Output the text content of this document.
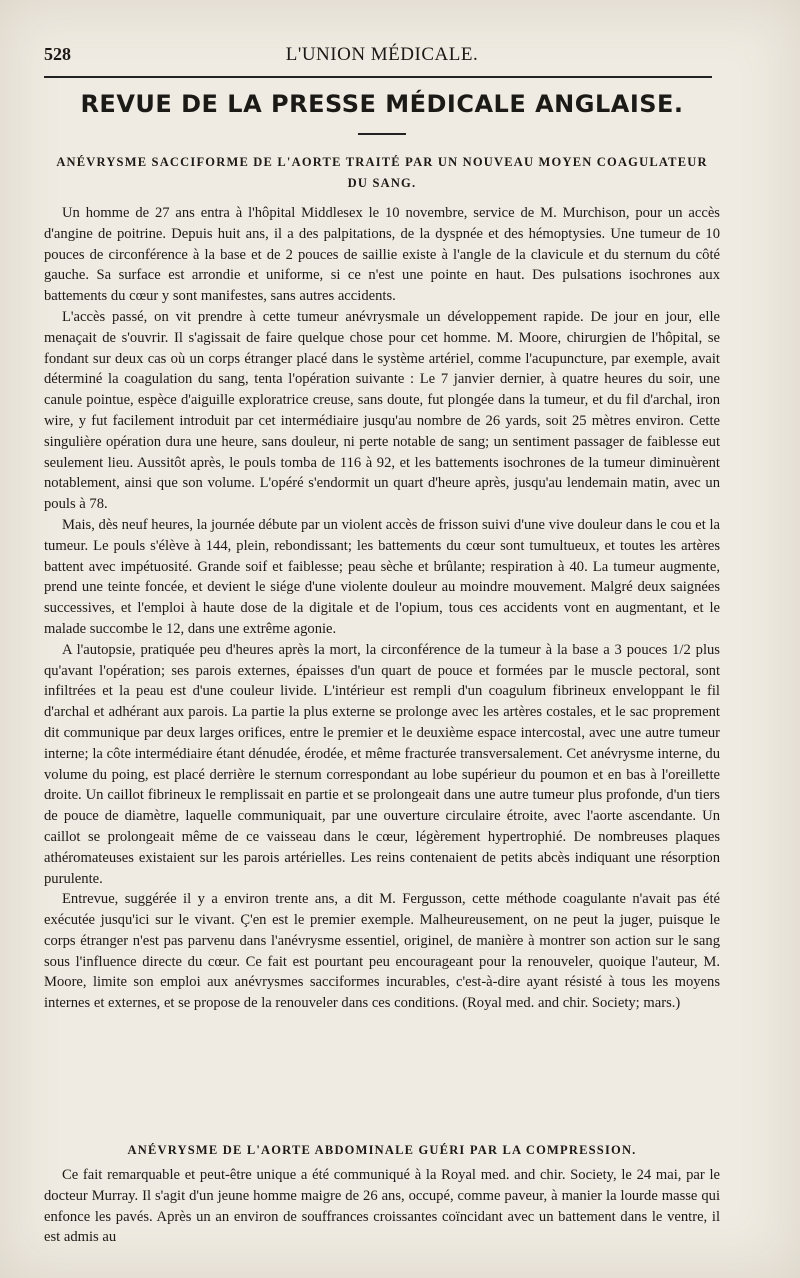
528	L'UNION MÉDICALE.
REVUE DE LA PRESSE MÉDICALE ANGLAISE.
ANÉVRYSME SACCIFORME DE L'AORTE TRAITÉ PAR UN NOUVEAU MOYEN COAGULATEUR
DU SANG.

Un homme de 27 ans entra à l'hôpital Middlesex le 10 novembre, service de M. Murchison, pour un accès d'angine de poitrine. Depuis huit ans, il a des palpitations, de la dyspnée et des hémoptysies. Une tumeur de 10 pouces de circonférence à la base et de 2 pouces de saillie existe à l'angle de la clavicule et du sternum du côté gauche. Sa surface est arrondie et uniforme, si ce n'est une pointe en haut. Des pulsations isochrones aux battements du cœur y sont manifestes, sans autres accidents.

L'accès passé, on vit prendre à cette tumeur anévrysmale un développement rapide. De jour en jour, elle menaçait de s'ouvrir. Il s'agissait de faire quelque chose pour cet homme. M. Moore, chirurgien de l'hôpital, se fondant sur deux cas où un corps étranger placé dans le système artériel, comme l'acupuncture, par exemple, avait déterminé la coagulation du sang, tenta l'opération suivante : Le 7 janvier dernier, à quatre heures du soir, une canule pointue, espèce d'aiguille exploratrice creuse, sans doute, fut plongée dans la tumeur, et du fil d'archal, iron wire, y fut facilement introduit par cet intermédiaire jusqu'au nombre de 26 yards, soit 25 mètres environ. Cette singulière opération dura une heure, sans douleur, ni perte notable de sang; un sentiment passager de faiblesse eut seulement lieu. Aussitôt après, le pouls tomba de 116 à 92, et les battements isochrones de la tumeur diminuèrent notablement, ainsi que son volume. L'opéré s'endormit un quart d'heure après, jusqu'au lendemain matin, avec un pouls à 78.

Mais, dès neuf heures, la journée débute par un violent accès de frisson suivi d'une vive douleur dans le cou et la tumeur. Le pouls s'élève à 144, plein, rebondissant; les battements du cœur sont tumultueux, et toutes les artères battent avec impétuosité. Grande soif et faiblesse; peau sèche et brûlante; respiration à 40. La tumeur augmente, prend une teinte foncée, et devient le siége d'une violente douleur au moindre mouvement. Malgré deux saignées successives, et l'emploi à haute dose de la digitale et de l'opium, tous ces accidents vont en augmentant, et le malade succombe le 12, dans une extrême agonie.

A l'autopsie, pratiquée peu d'heures après la mort, la circonférence de la tumeur à la base a 3 pouces 1/2 plus qu'avant l'opération; ses parois externes, épaisses d'un quart de pouce et formées par le muscle pectoral, sont infiltrées et la peau est d'une couleur livide. L'intérieur est rempli d'un coagulum fibrineux enveloppant le fil d'archal et adhérant aux parois. La partie la plus externe se prolonge avec les artères costales, et le sac proprement dit communique par deux larges orifices, entre le premier et le deuxième espace intercostal, avec une autre tumeur interne; la côte intermédiaire étant dénudée, érodée, et même fracturée transversalement. Cet anévrysme interne, du volume du poing, est placé derrière le sternum correspondant au lobe supérieur du poumon et en bas à l'oreillette droite. Un caillot fibrineux le remplissait en partie et se prolongeait dans une autre tumeur plus profonde, d'un tiers de pouce de diamètre, laquelle communiquait, par une ouverture circulaire étroite, avec l'aorte ascendante. Un caillot se prolongeait même de ce vaisseau dans le cœur, légèrement hypertrophié. De nombreuses plaques athéromateuses existaient sur les parois artérielles. Les reins contenaient de petits abcès indiquant une résorption purulente.

Entrevue, suggérée il y a environ trente ans, a dit M. Fergusson, cette méthode coagulante n'avait pas été exécutée jusqu'ici sur le vivant. Ç'en est le premier exemple. Malheureusement, on ne peut la juger, puisque le corps étranger n'est pas parvenu dans l'anévrysme essentiel, originel, de manière à montrer son action sur le sang sous l'influence directe du cœur. Ce fait est pourtant peu encourageant pour la renouveler, quoique l'auteur, M. Moore, limite son emploi aux anévrysmes sacciformes incurables, c'est-à-dire ayant résisté à tous les moyens internes et externes, et se propose de la renouveler dans ces conditions. (Royal med. and chir. Society; mars.)

ANÉVRYSME DE L'AORTE ABDOMINALE GUÉRI PAR LA COMPRESSION.

Ce fait remarquable et peut-être unique a été communiqué à la Royal med. and chir. Society, le 24 mai, par le docteur Murray. Il s'agit d'un jeune homme maigre de 26 ans, occupé, comme paveur, à manier la lourde masse qui enfonce les pavés. Après un an environ de souffrances croissantes coïncidant avec un battement dans le ventre, il est admis au
